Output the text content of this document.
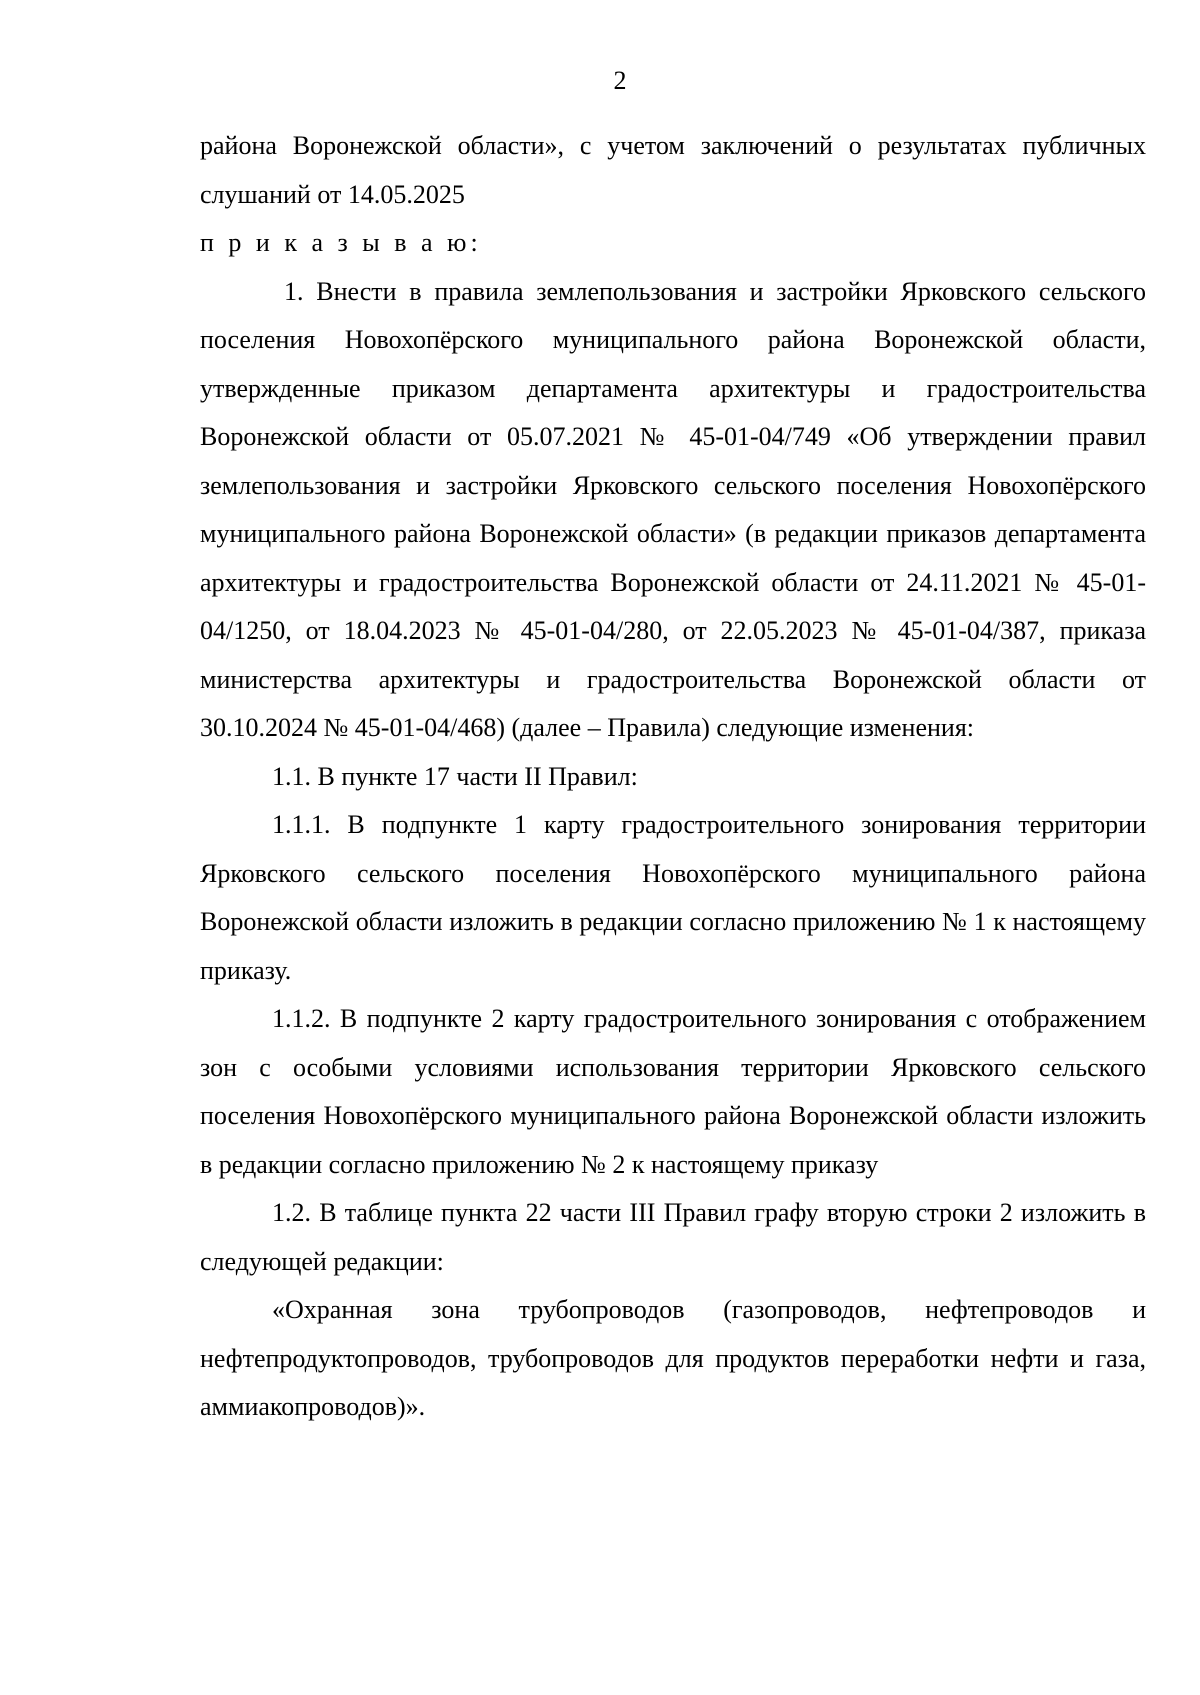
2

района Воронежской области», с учетом заключений о результатах публичных слушаний от 14.05.2025

п р и к а з ы в а ю:

1. Внести в правила землепользования и застройки Ярковского сельского поселения Новохопёрского муниципального района Воронежской области, утвержденные приказом департамента архитектуры и градостроительства Воронежской области от 05.07.2021 № 45-01-04/749 «Об утверждении правил землепользования и застройки Ярковского сельского поселения Новохопёрского муниципального района Воронежской области» (в редакции приказов департамента архитектуры и градостроительства Воронежской области от 24.11.2021 № 45-01-04/1250, от 18.04.2023 № 45-01-04/280, от 22.05.2023 № 45-01-04/387, приказа министерства архитектуры и градостроительства Воронежской области от 30.10.2024 № 45-01-04/468) (далее – Правила) следующие изменения:

1.1. В пункте 17 части II Правил:

1.1.1. В подпункте 1 карту градостроительного зонирования территории Ярковского сельского поселения Новохопёрского муниципального района Воронежской области изложить в редакции согласно приложению № 1 к настоящему приказу.

1.1.2. В подпункте 2 карту градостроительного зонирования с отображением зон с особыми условиями использования территории Ярковского сельского поселения Новохопёрского муниципального района Воронежской области изложить в редакции согласно приложению № 2 к настоящему приказу

1.2. В таблице пункта 22 части III Правил графу вторую строки 2 изложить в следующей редакции:

«Охранная зона трубопроводов (газопроводов, нефтепроводов и нефтепродуктопроводов, трубопроводов для продуктов переработки нефти и газа, аммиакопроводов)».
